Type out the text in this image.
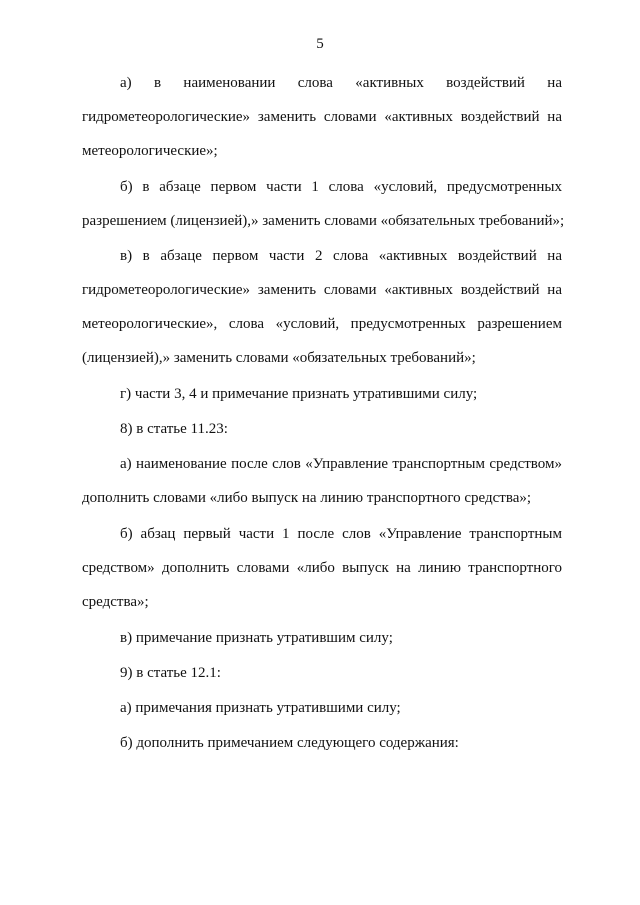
5
а) в наименовании слова «активных воздействий на
гидрометеорологические» заменить словами «активных воздействий на
метеорологические»;
б) в абзаце первом части 1 слова «условий, предусмотренных
разрешением (лицензией),» заменить словами «обязательных требований»;
в) в абзаце первом части 2 слова «активных воздействий на
гидрометеорологические» заменить словами «активных воздействий на
метеорологические», слова «условий, предусмотренных разрешением
(лицензией),» заменить словами «обязательных требований»;
г) части 3, 4 и примечание признать утратившими силу;
8) в статье 11.23:
а) наименование после слов «Управление транспортным средством»
дополнить словами «либо выпуск на линию транспортного средства»;
б) абзац первый части 1 после слов «Управление транспортным
средством» дополнить словами «либо выпуск на линию транспортного
средства»;
в) примечание признать утратившим силу;
9) в статье 12.1:
а) примечания признать утратившими силу;
б) дополнить примечанием следующего содержания:
